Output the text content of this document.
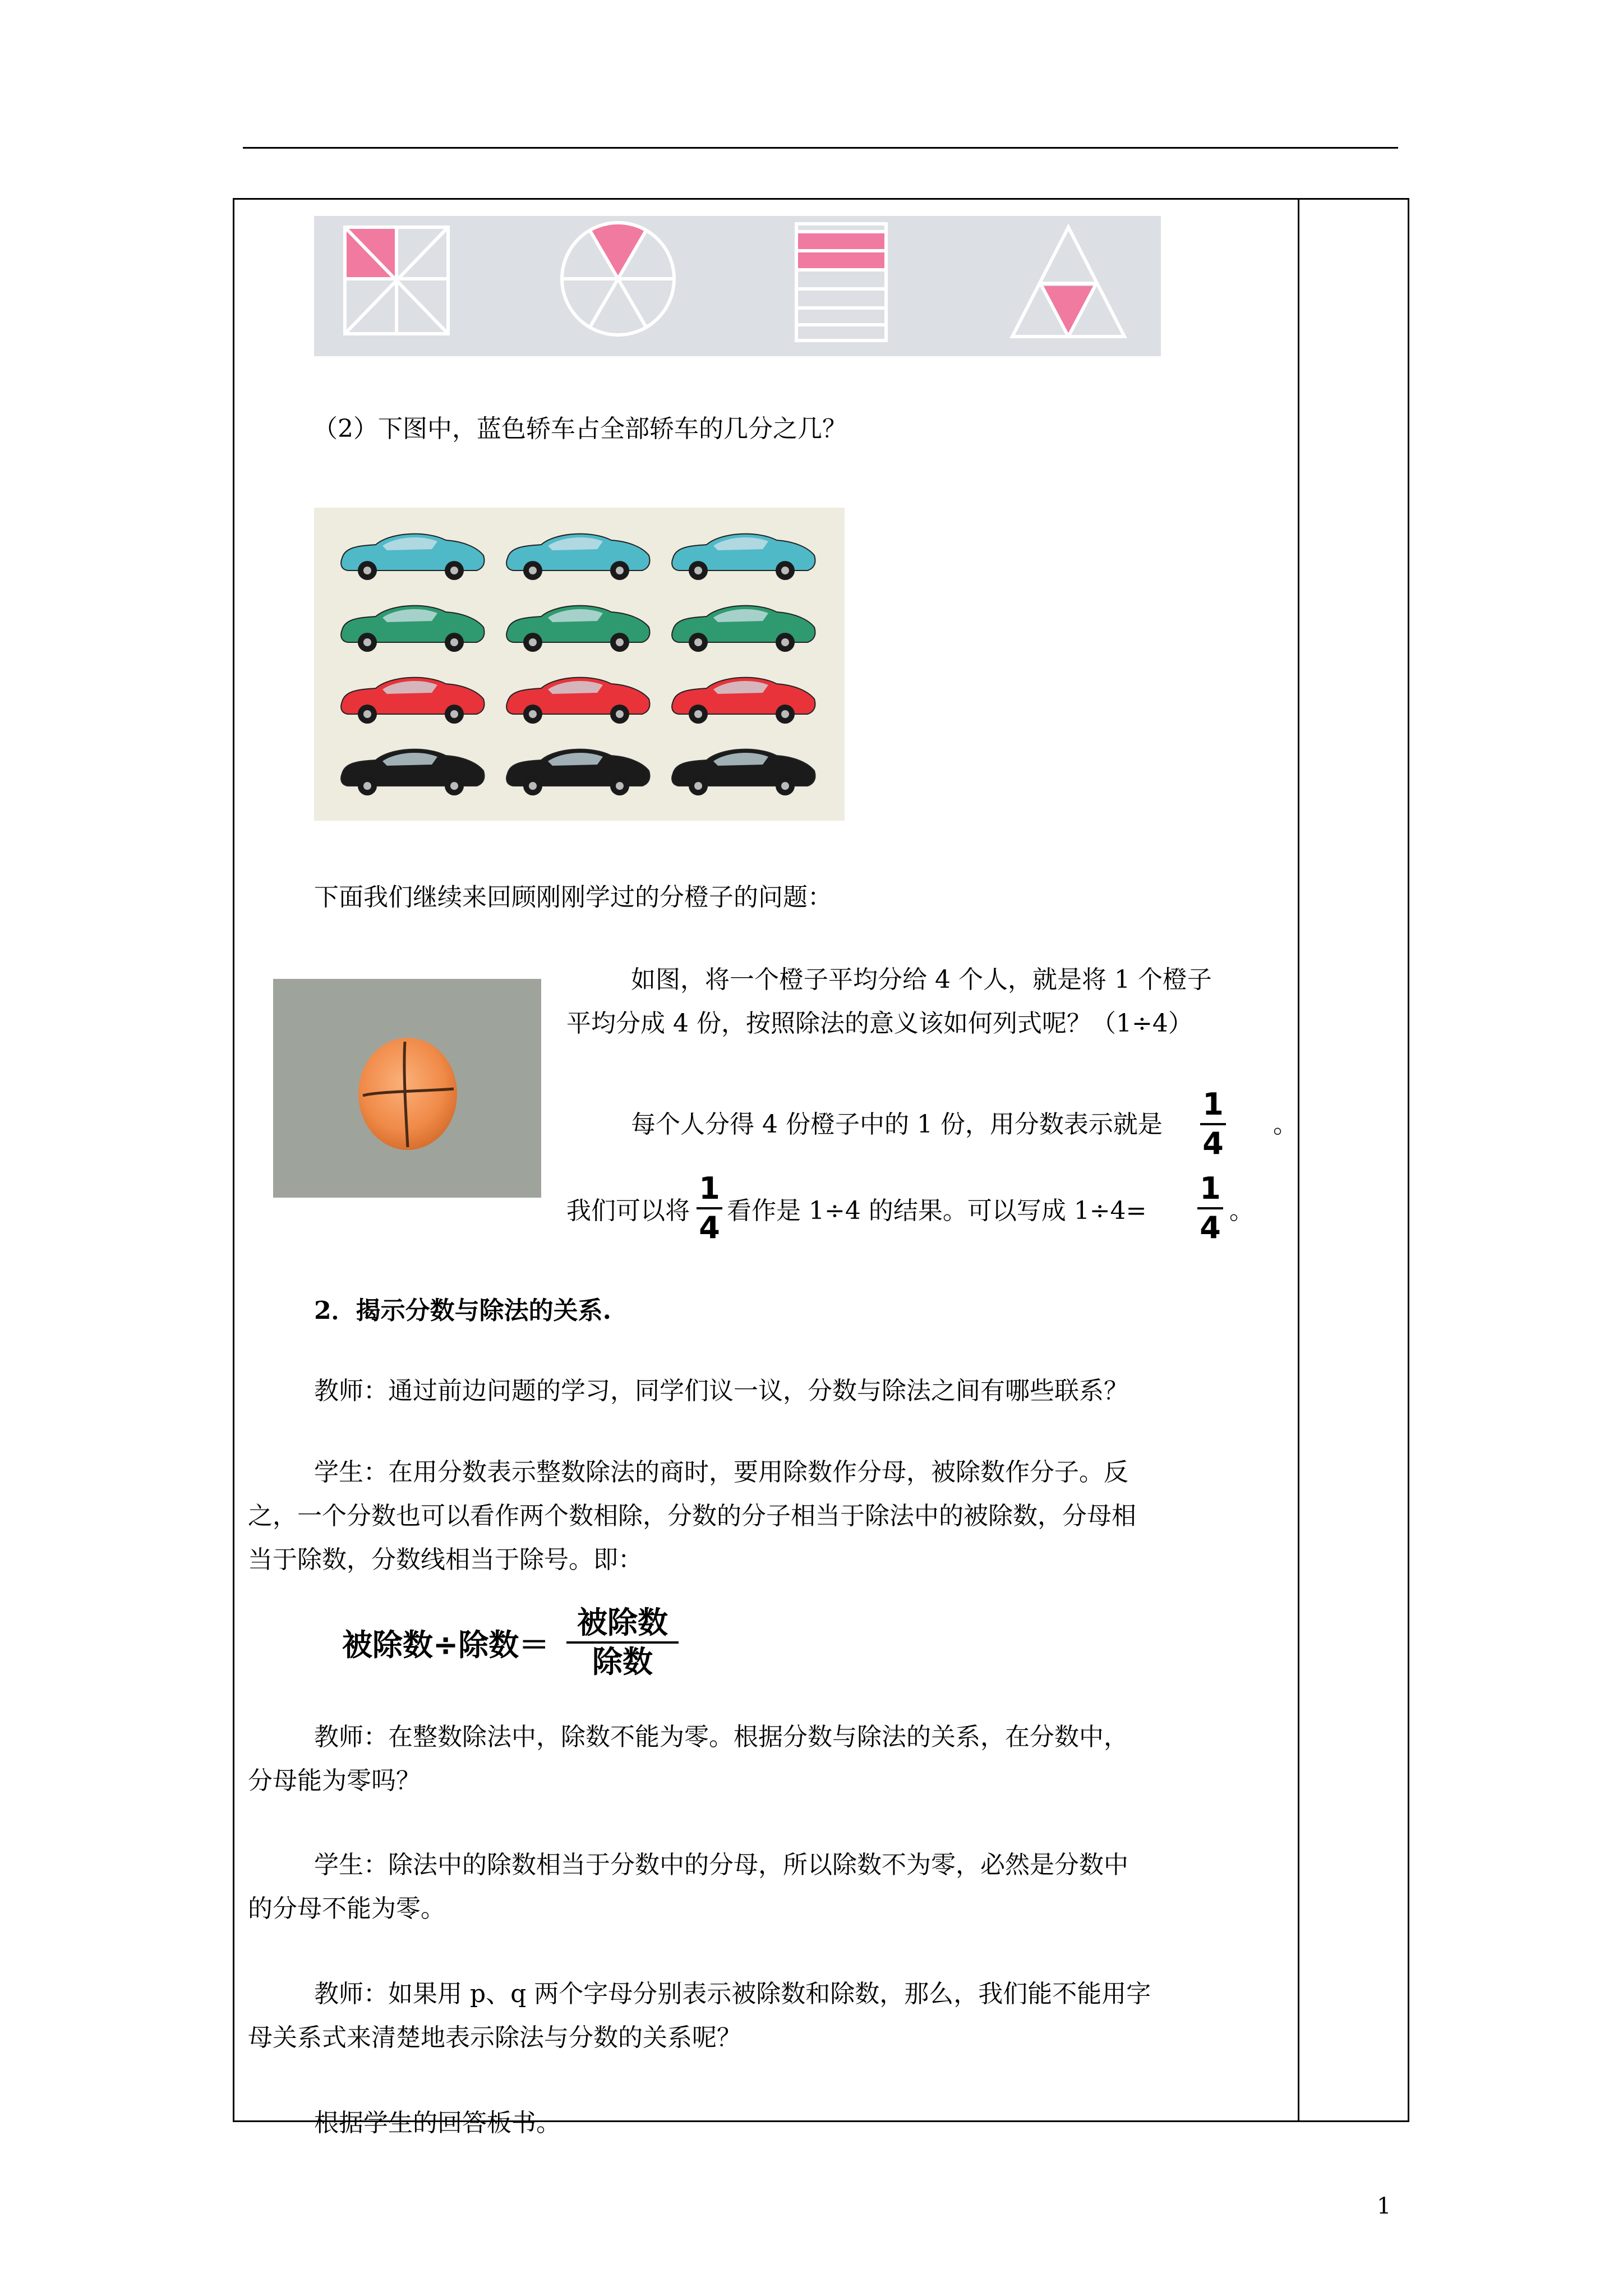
（2）下图中，蓝色轿车占全部轿车的几分之几？
下面我们继续来回顾刚刚学过的分橙子的问题：
如图，将一个橙子平均分给 4 个人，就是将 1 个橙子
平均分成 4 份，按照除法的意义该如何列式呢？（1÷4）
每个人分得 4 份橙子中的 1 份，用分数表示就是
1
4
。
我们可以将
1
4 看作是 1÷4 的结果。可以写成 1÷4=
1
4 。
2．揭示分数与除法的关系.
教师：通过前边问题的学习，同学们议一议，分数与除法之间有哪些联系？
学生：在用分数表示整数除法的商时，要用除数作分母，被除数作分子。反
之，一个分数也可以看作两个数相除，分数的分子相当于除法中的被除数，分母相
当于除数，分数线相当于除号。即：
被除数÷除数＝
被除数
除数
教师：在整数除法中，除数不能为零。根据分数与除法的关系，在分数中，
分母能为零吗？
学生：除法中的除数相当于分数中的分母，所以除数不为零，必然是分数中
的分母不能为零。
教师：如果用 p、q 两个字母分别表示被除数和除数，那么，我们能不能用字
母关系式来清楚地表示除法与分数的关系呢？
根据学生的回答板书。
1
